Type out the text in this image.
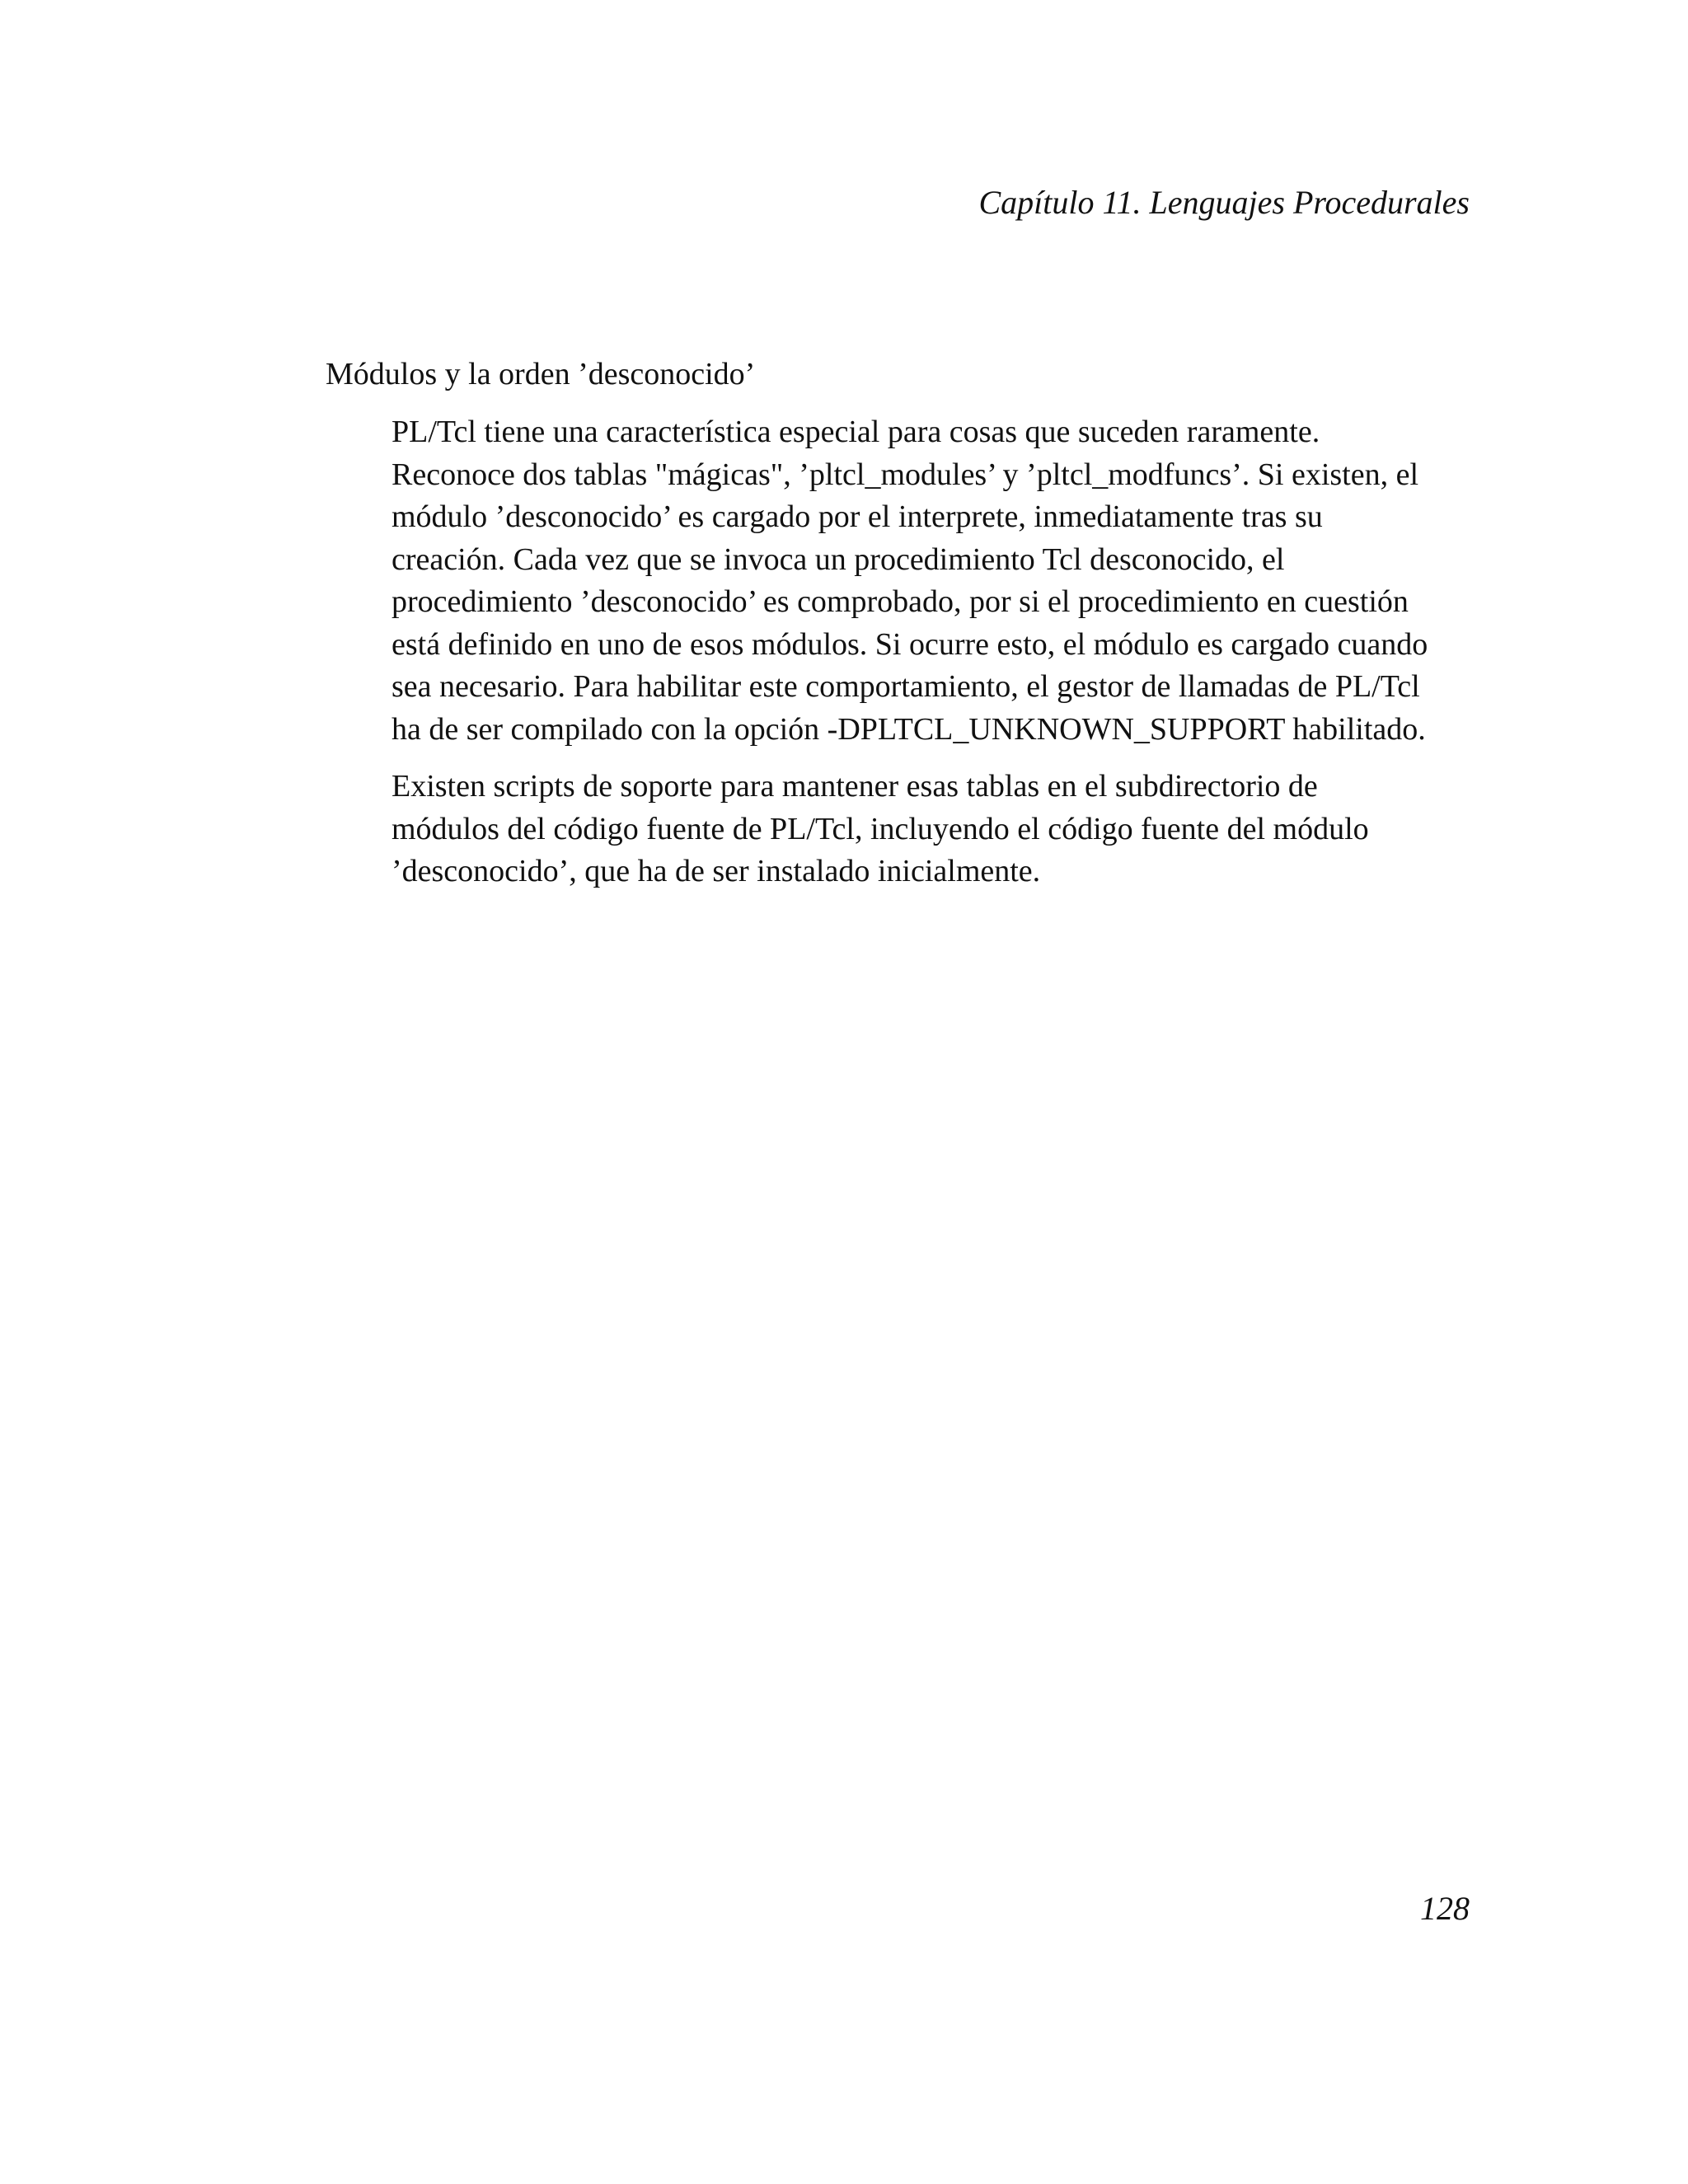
Capítulo 11. Lenguajes Procedurales
Módulos y la orden ’desconocido’

PL/Tcl tiene una característica especial para cosas que suceden raramente.
Reconoce dos tablas "mágicas", ’pltcl_modules’ y ’pltcl_modfuncs’. Si existen, el
módulo ’desconocido’ es cargado por el interprete, inmediatamente tras su
creación. Cada vez que se invoca un procedimiento Tcl desconocido, el
procedimiento ’desconocido’ es comprobado, por si el procedimiento en cuestión
está definido en uno de esos módulos. Si ocurre esto, el módulo es cargado cuando
sea necesario. Para habilitar este comportamiento, el gestor de llamadas de PL/Tcl
ha de ser compilado con la opción -DPLTCL_UNKNOWN_SUPPORT habilitado.

Existen scripts de soporte para mantener esas tablas en el subdirectorio de
módulos del código fuente de PL/Tcl, incluyendo el código fuente del módulo
’desconocido’, que ha de ser instalado inicialmente.

128
